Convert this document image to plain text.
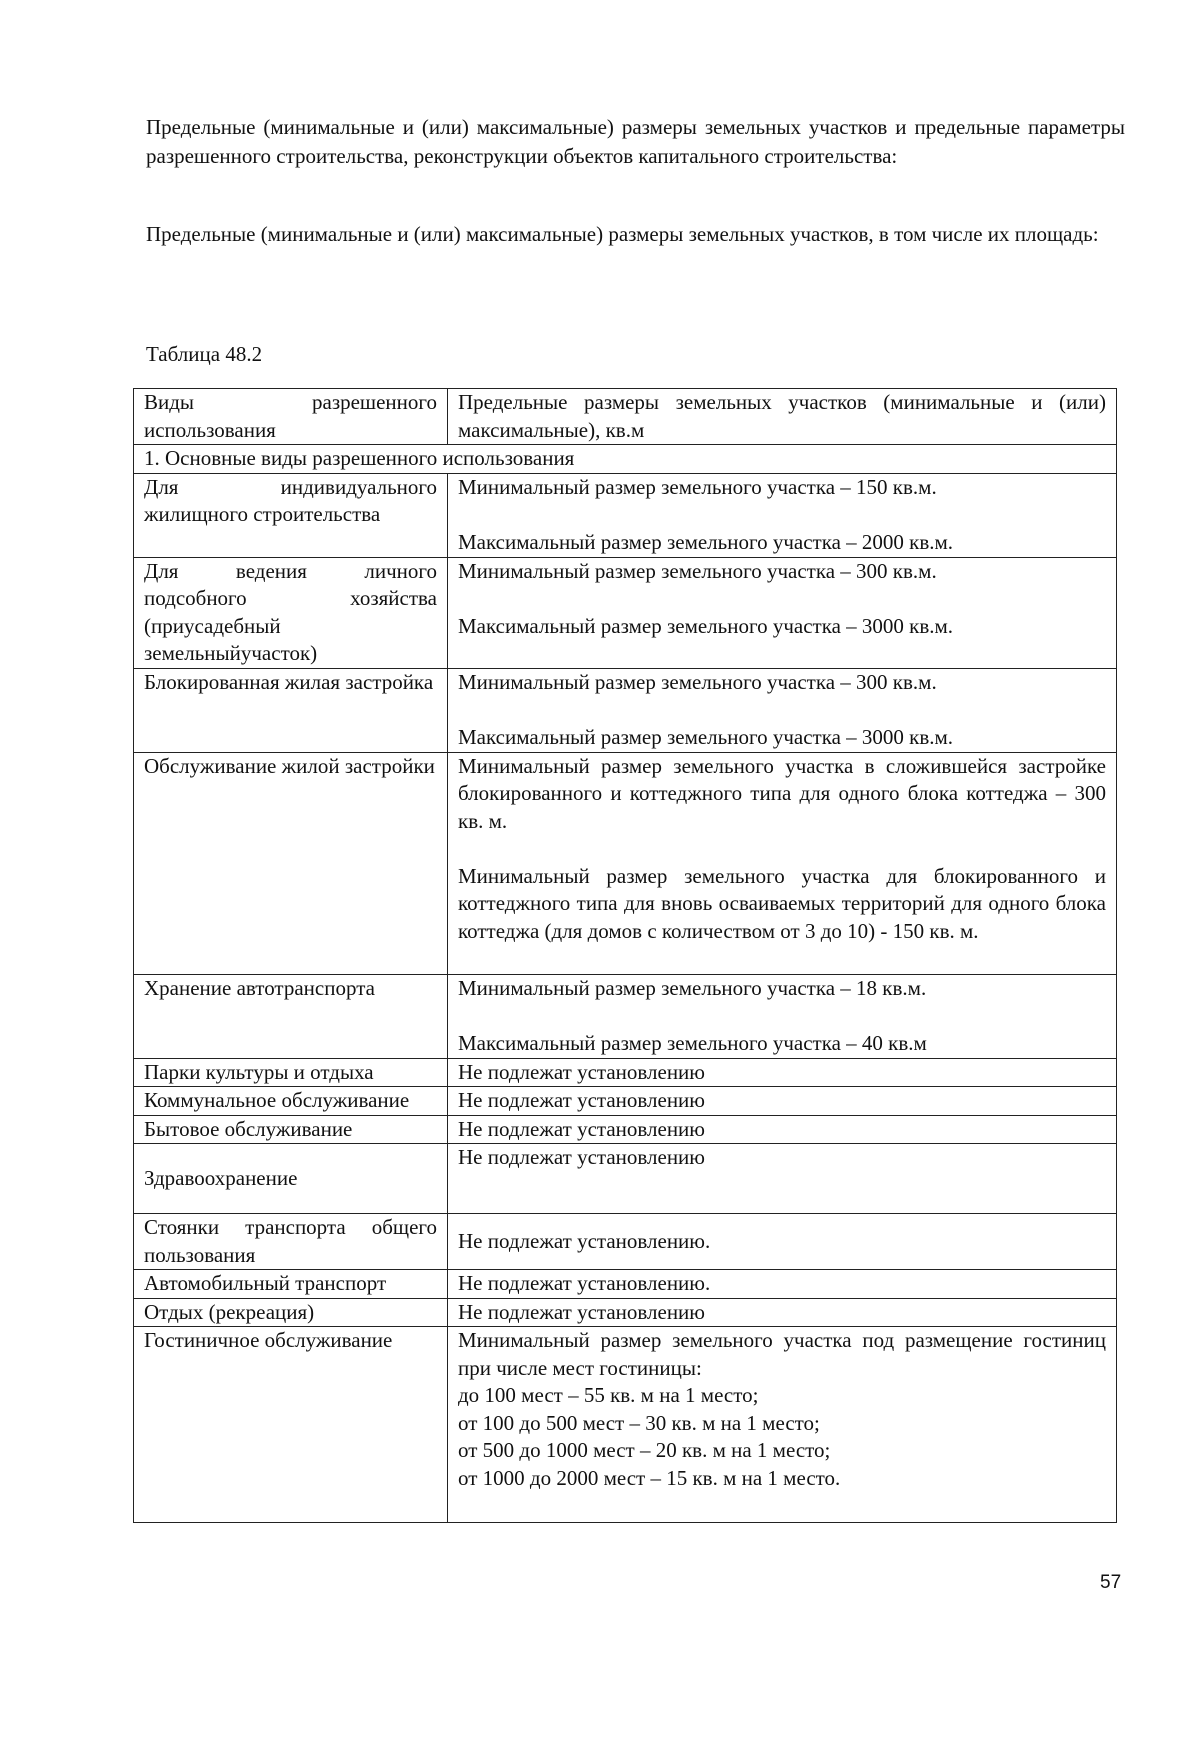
Предельные (минимальные и (или) максимальные) размеры земельных участков и предельные параметры разрешенного строительства, реконструкции объектов капитального строительства:
Предельные (минимальные и (или) максимальные) размеры земельных участков, в том числе их площадь:
Таблица 48.2
Виды разрешенного использования	Предельные размеры земельных участков (минимальные и (или) максимальные), кв.м
1. Основные виды разрешенного использования	
Для индивидуального жилищного строительства	Минимальный размер земельного участка – 150 кв.м.
Максимальный размер земельного участка – 2000 кв.м.

Для ведения личного подсобного хозяйства (приусадебный земельныйучасток)	Минимальный размер земельного участка – 300 кв.м.
Максимальный размер земельного участка – 3000 кв.м.

Блокированная жилая застройка	Минимальный размер земельного участка – 300 кв.м.
Максимальный размер земельного участка – 3000 кв.м.

Обслуживание жилой застройки	Минимальный размер земельного участка в сложившейся застройке блокированного и коттеджного типа для одного блока коттеджа – 300 кв. м.
Минимальный размер земельного участка для блокированного и коттеджного типа для вновь осваиваемых территорий для одного блока коттеджа (для домов с количеством от 3 до 10) - 150 кв. м.

Хранение автотранспорта	Минимальный размер земельного участка – 18 кв.м.
Максимальный размер земельного участка – 40 кв.м

Парки культуры и отдыха	Не подлежат установлению
Коммунальное обслуживание	Не подлежат установлению
Бытовое обслуживание	Не подлежат установлению
Здравоохранение	Не подлежат установлению
Стоянки транспорта общего пользования	Не подлежат установлению.
Автомобильный транспорт	Не подлежат установлению.
Отдых (рекреация)	Не подлежат установлению
Гостиничное обслуживание	Минимальный размер земельного участка под размещение гостиниц при числе мест гостиницы:
до 100 мест – 55 кв. м на 1 место;
от 100 до 500 мест – 30 кв. м на 1 место;
от 500 до 1000 мест – 20 кв. м на 1 место;
от 1000 до 2000 мест – 15 кв. м на 1 место.
57
